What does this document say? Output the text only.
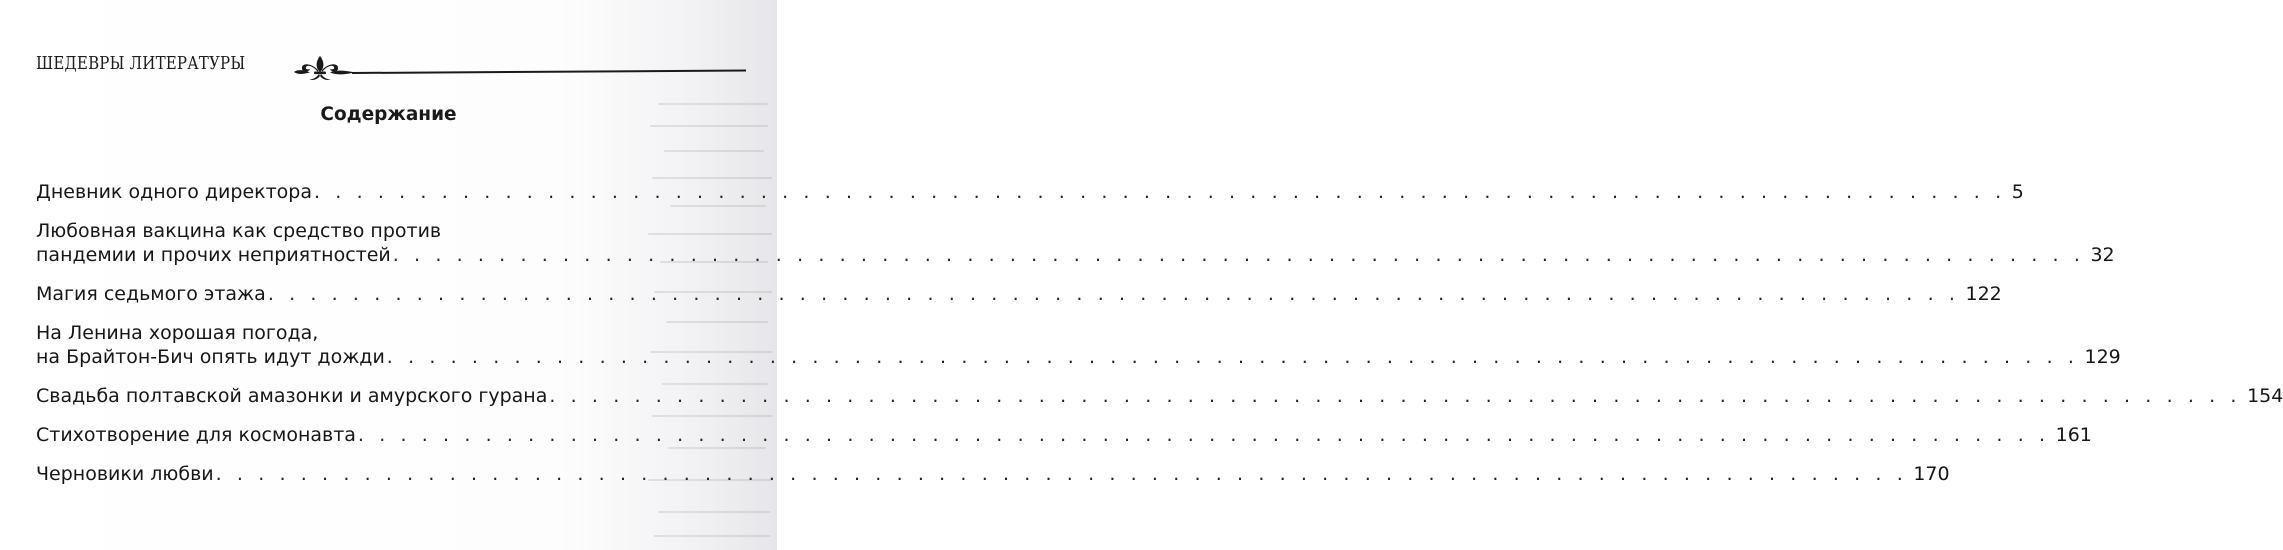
ШЕДЕВРЫ ЛИТЕРАТУРЫ
Содержание
Дневник одного директора . . . . . . . . . . . . . . . . . . . . . . . . . . . . . . . . . . . . . . . . . . . . . . . . . . . . . . . . . . . . . . . . . . . . . . . . . . . . . . . . 5
Любовная вакцина как средство против
пандемии и прочих неприятностей . . . . . . . . . . . . . . . . . . . . . . . . . . . . . . . . . . . . . . . . . . . . . . . . . . . . . . . . . . . . . . . . . . . . . . . . . . . . . . . . 32
Магия седьмого этажа . . . . . . . . . . . . . . . . . . . . . . . . . . . . . . . . . . . . . . . . . . . . . . . . . . . . . . . . . . . . . . . . . . . . . . . . . . . . . . . . 122
На Ленина хорошая погода,
на Брайтон-Бич опять идут дожди . . . . . . . . . . . . . . . . . . . . . . . . . . . . . . . . . . . . . . . . . . . . . . . . . . . . . . . . . . . . . . . . . . . . . . . . . . . . . . . . 129
Свадьба полтавской амазонки и амурского гурана . . . . . . . . . . . . . . . . . . . . . . . . . . . . . . . . . . . . . . . . . . . . . . . . . . . . . . . . . . . . . . . . . . . . . . . . . . . . . . . . 154
Стихотворение для космонавта . . . . . . . . . . . . . . . . . . . . . . . . . . . . . . . . . . . . . . . . . . . . . . . . . . . . . . . . . . . . . . . . . . . . . . . . . . . . . . . . 161
Черновики любви . . . . . . . . . . . . . . . . . . . . . . . . . . . . . . . . . . . . . . . . . . . . . . . . . . . . . . . . . . . . . . . . . . . . . . . . . . . . . . . . 170
